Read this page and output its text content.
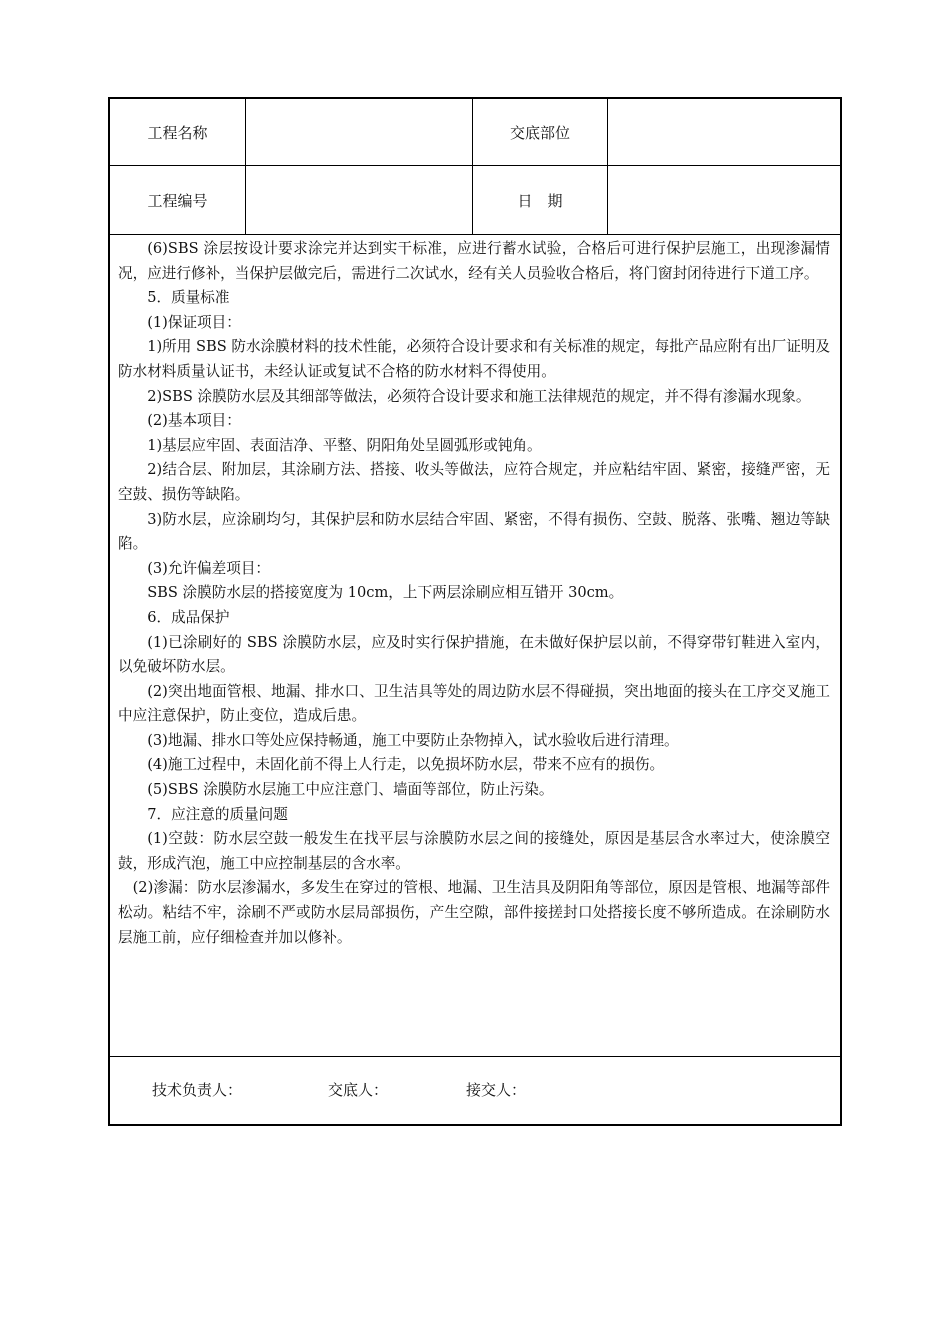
工程名称	交底部位
工程编号	日　期

(6)SBS 涂层按设计要求涂完并达到实干标准，应进行蓄水试验，合格后可进行保护层施工，出现渗漏情况，应进行修补，当保护层做完后，需进行二次试水，经有关人员验收合格后，将门窗封闭待进行下道工序。

5．质量标准

(1)保证项目：

1)所用 SBS 防水涂膜材料的技术性能，必须符合设计要求和有关标准的规定，每批产品应附有出厂证明及防水材料质量认证书，未经认证或复试不合格的防水材料不得使用。

2)SBS 涂膜防水层及其细部等做法，必须符合设计要求和施工法律规范的规定，并不得有渗漏水现象。

(2)基本项目：

1)基层应牢固、表面洁净、平整、阴阳角处呈圆弧形或钝角。

2)结合层、附加层，其涂刷方法、搭接、收头等做法，应符合规定，并应粘结牢固、紧密，接缝严密，无空鼓、损伤等缺陷。

3)防水层，应涂刷均匀，其保护层和防水层结合牢固、紧密，不得有损伤、空鼓、脱落、张嘴、翘边等缺陷。

(3)允许偏差项目：

SBS 涂膜防水层的搭接宽度为 10cm，上下两层涂刷应相互错开 30cm。

6．成品保护

(1)已涂刷好的 SBS 涂膜防水层，应及时实行保护措施，在未做好保护层以前，不得穿带钉鞋进入室内，以免破坏防水层。

(2)突出地面管根、地漏、排水口、卫生洁具等处的周边防水层不得碰损，突出地面的接头在工序交叉施工中应注意保护，防止变位，造成后患。

(3)地漏、排水口等处应保持畅通，施工中要防止杂物掉入，试水验收后进行清理。

(4)施工过程中，未固化前不得上人行走，以免损坏防水层，带来不应有的损伤。

(5)SBS 涂膜防水层施工中应注意门、墙面等部位，防止污染。

7．应注意的质量问题

(1)空鼓：防水层空鼓一般发生在找平层与涂膜防水层之间的接缝处，原因是基层含水率过大，使涂膜空鼓，形成汽泡，施工中应控制基层的含水率。

(2)渗漏：防水层渗漏水，多发生在穿过的管根、地漏、卫生洁具及阴阳角等部位，原因是管根、地漏等部件松动。粘结不牢，涂刷不严或防水层局部损伤，产生空隙，部件接搓封口处搭接长度不够所造成。在涂刷防水层施工前，应仔细检查并加以修补。

技术负责人：	交底人：	接交人：
